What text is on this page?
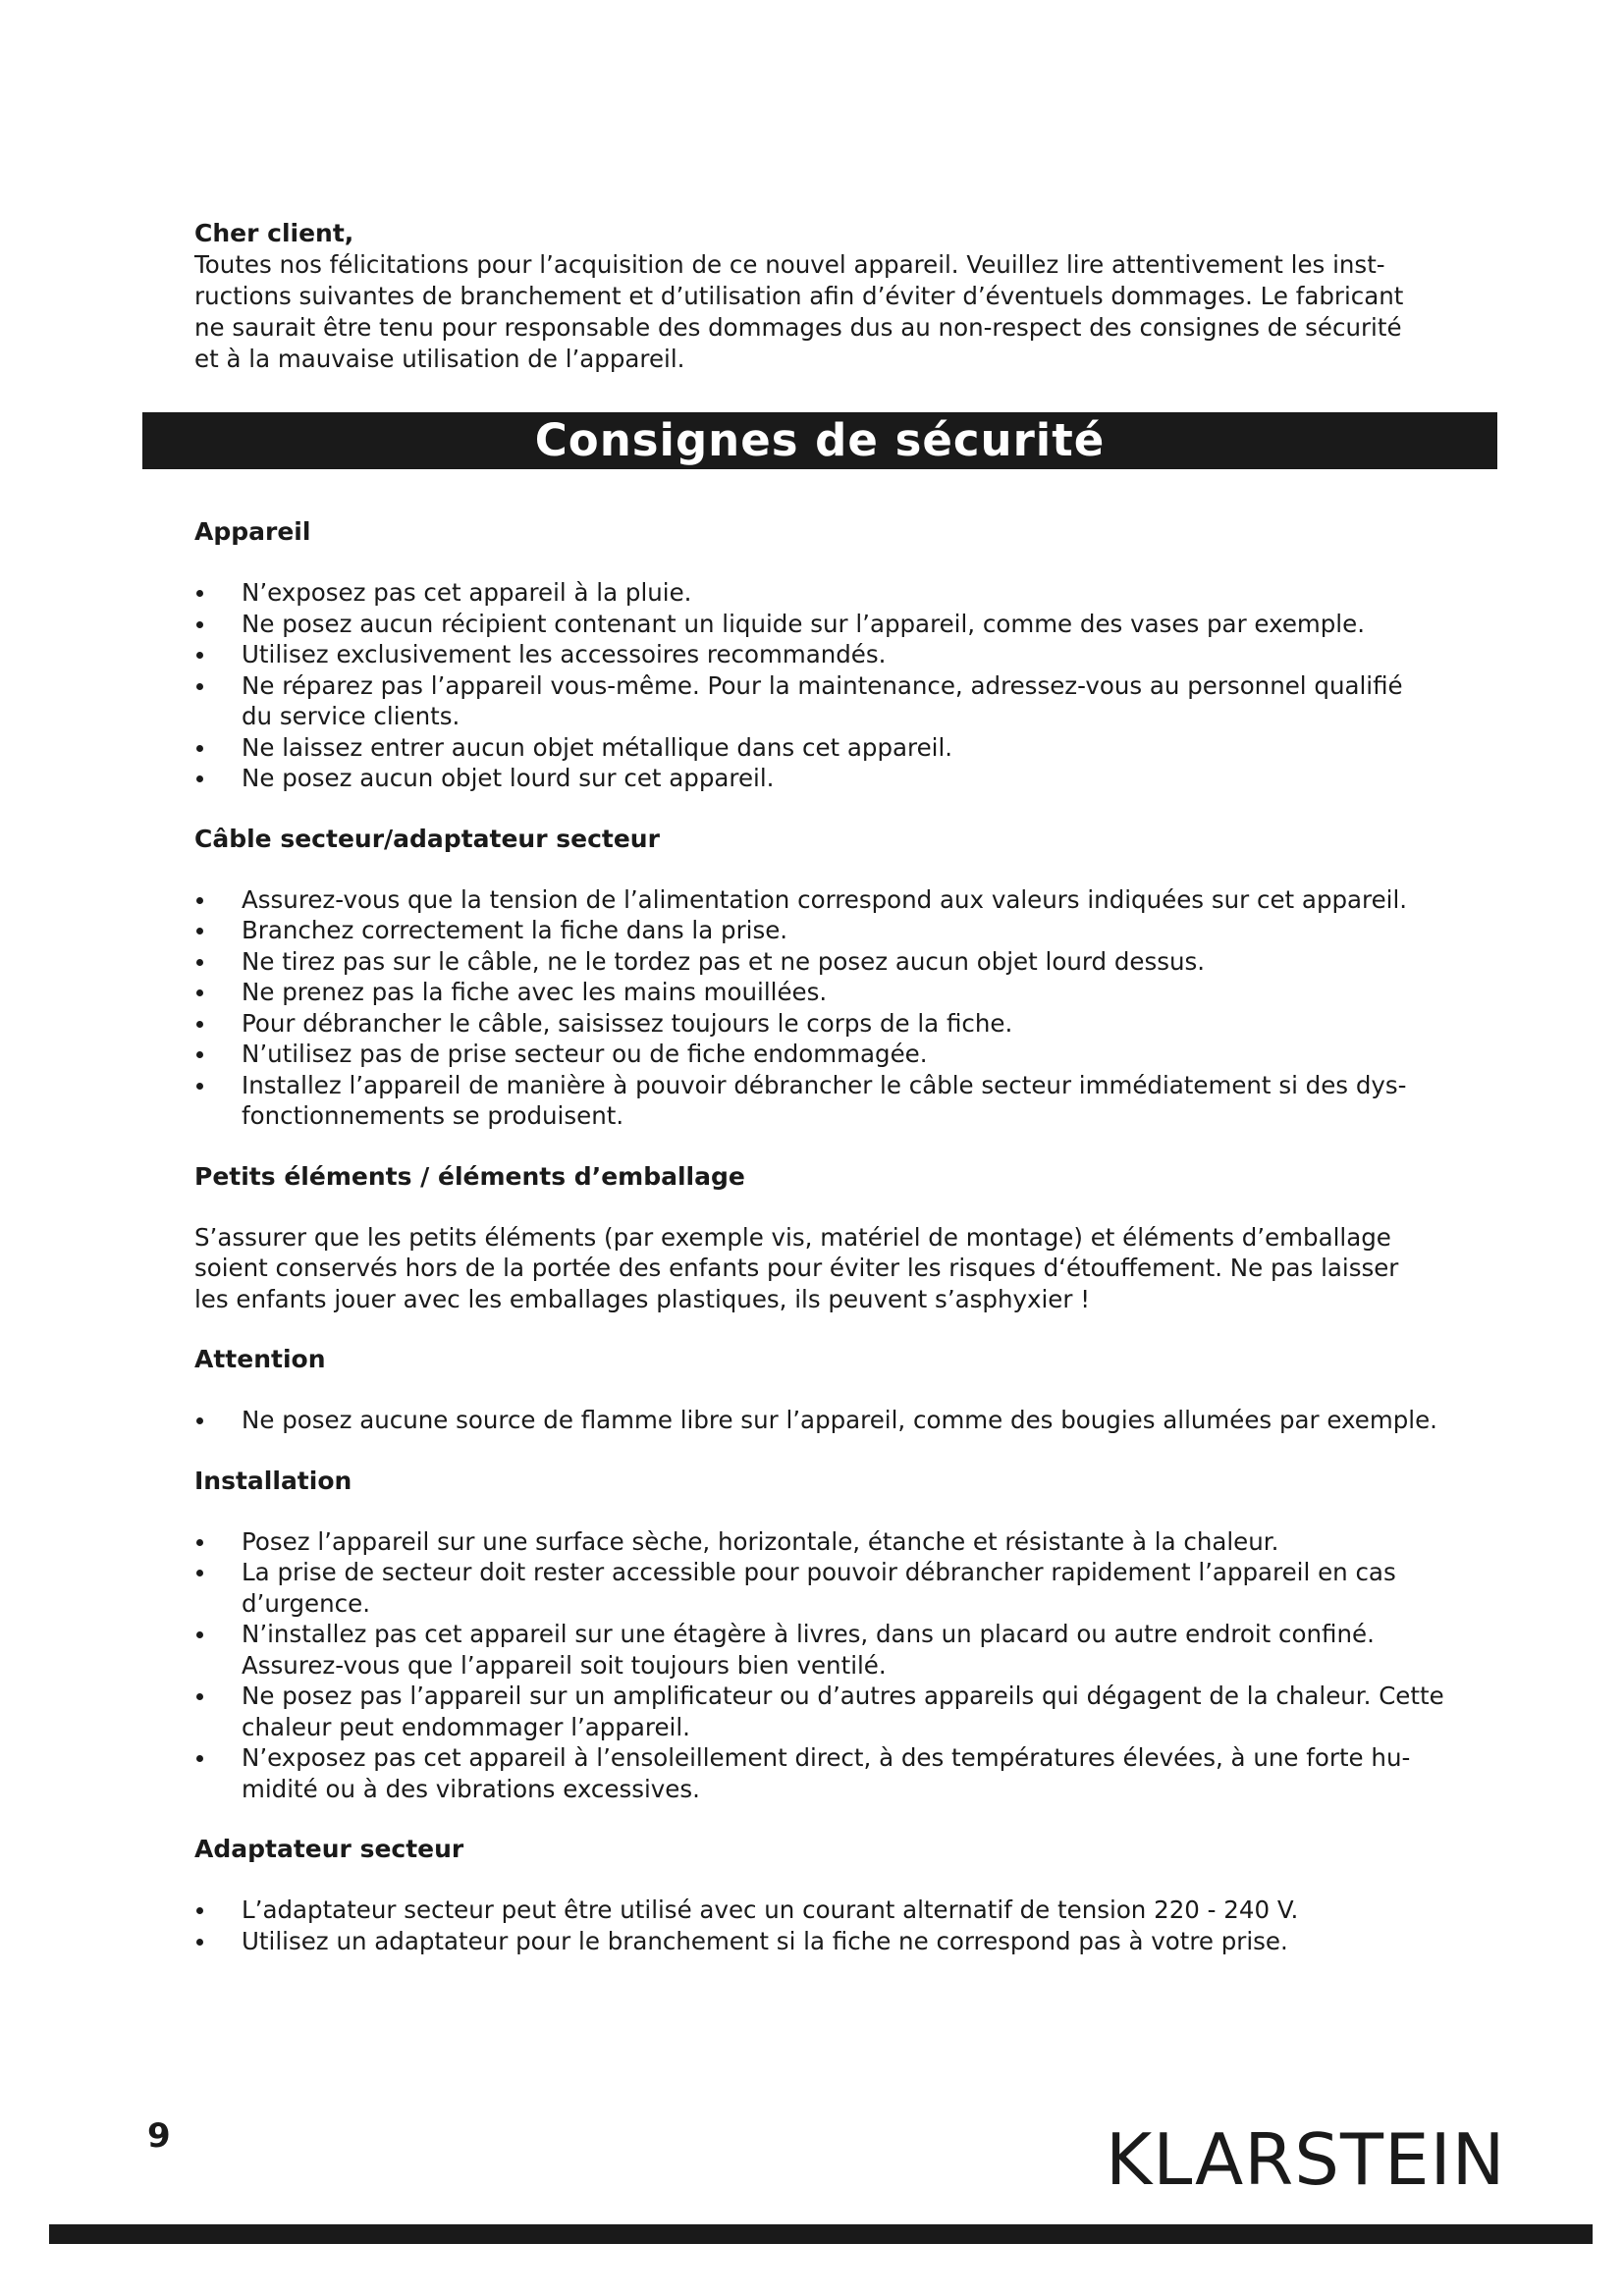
Cher client,

Toutes nos félicitations pour l’acquisition de ce nouvel appareil. Veuillez lire attentivement les inst-
ructions suivantes de branchement et d’utilisation afin d’éviter d’éventuels dommages. Le fabricant
ne saurait être tenu pour responsable des dommages dus au non-respect des consignes de sécurité
et à la mauvaise utilisation de l’appareil.

Consignes de sécurité

Appareil

N’exposez pas cet appareil à la pluie.
Ne posez aucun récipient contenant un liquide sur l’appareil, comme des vases par exemple.
Utilisez exclusivement les accessoires recommandés.
Ne réparez pas l’appareil vous-même. Pour la maintenance, adressez-vous au personnel qualifié
du service clients.
Ne laissez entrer aucun objet métallique dans cet appareil.
Ne posez aucun objet lourd sur cet appareil.

Câble secteur/adaptateur secteur

Assurez-vous que la tension de l’alimentation correspond aux valeurs indiquées sur cet appareil.
Branchez correctement la fiche dans la prise.
Ne tirez pas sur le câble, ne le tordez pas et ne posez aucun objet lourd dessus.
Ne prenez pas la fiche avec les mains mouillées.
Pour débrancher le câble, saisissez toujours le corps de la fiche.
N’utilisez pas de prise secteur ou de fiche endommagée.
Installez l’appareil de manière à pouvoir débrancher le câble secteur immédiatement si des dys-
fonctionnements se produisent.

Petits éléments / éléments d’emballage

S’assurer que les petits éléments (par exemple vis, matériel de montage) et éléments d’emballage
soient conservés hors de la portée des enfants pour éviter les risques d‘étouffement. Ne pas laisser
les enfants jouer avec les emballages plastiques, ils peuvent s’asphyxier !

Attention

Ne posez aucune source de flamme libre sur l’appareil, comme des bougies allumées par exemple.

Installation

Posez l’appareil sur une surface sèche, horizontale, étanche et résistante à la chaleur.
La prise de secteur doit rester accessible pour pouvoir débrancher rapidement l’appareil en cas
d’urgence.
N’installez pas cet appareil sur une étagère à livres, dans un placard ou autre endroit confiné.
Assurez-vous que l’appareil soit toujours bien ventilé.
Ne posez pas l’appareil sur un amplificateur ou d’autres appareils qui dégagent de la chaleur. Cette
chaleur peut endommager l’appareil.
N’exposez pas cet appareil à l’ensoleillement direct, à des températures élevées, à une forte hu-
midité ou à des vibrations excessives.

Adaptateur secteur

L’adaptateur secteur peut être utilisé avec un courant alternatif de tension 220 - 240 V.
Utilisez un adaptateur pour le branchement si la fiche ne correspond pas à votre prise.
9	KLARSTEIN
